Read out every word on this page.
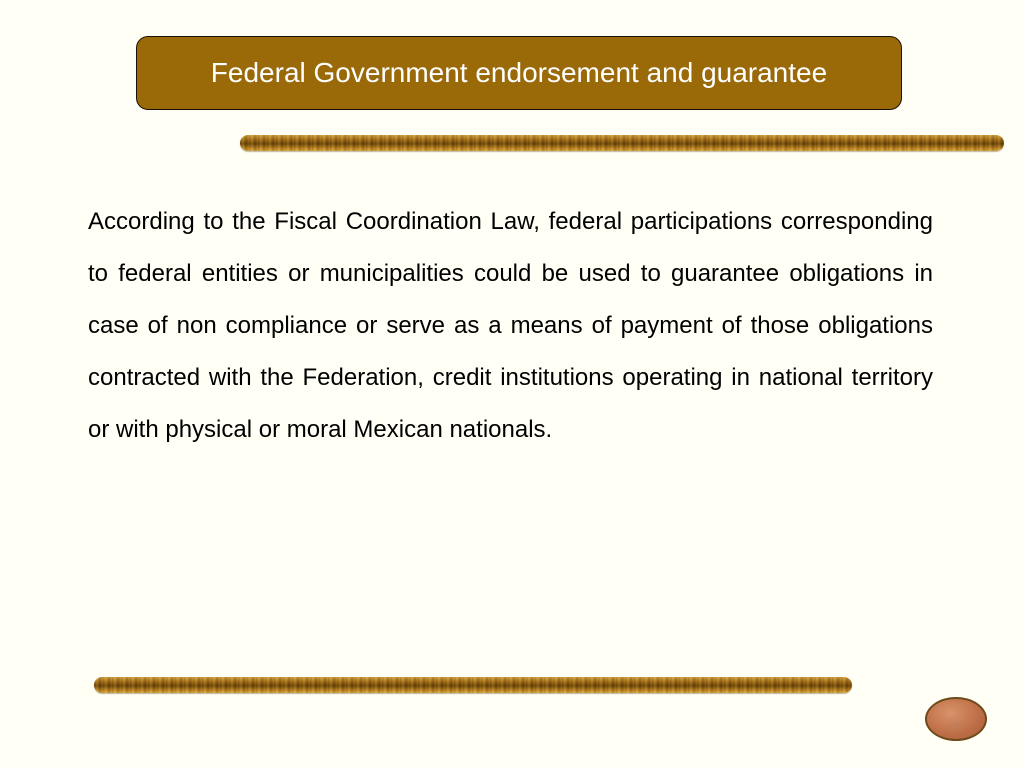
Federal Government endorsement and guarantee

According to the Fiscal Coordination Law, federal participations corresponding to federal entities or municipalities could be used to guarantee obligations in case of non compliance or serve as a means of payment of those obligations contracted with the Federation, credit institutions operating in national territory or with physical or moral Mexican nationals.

26
